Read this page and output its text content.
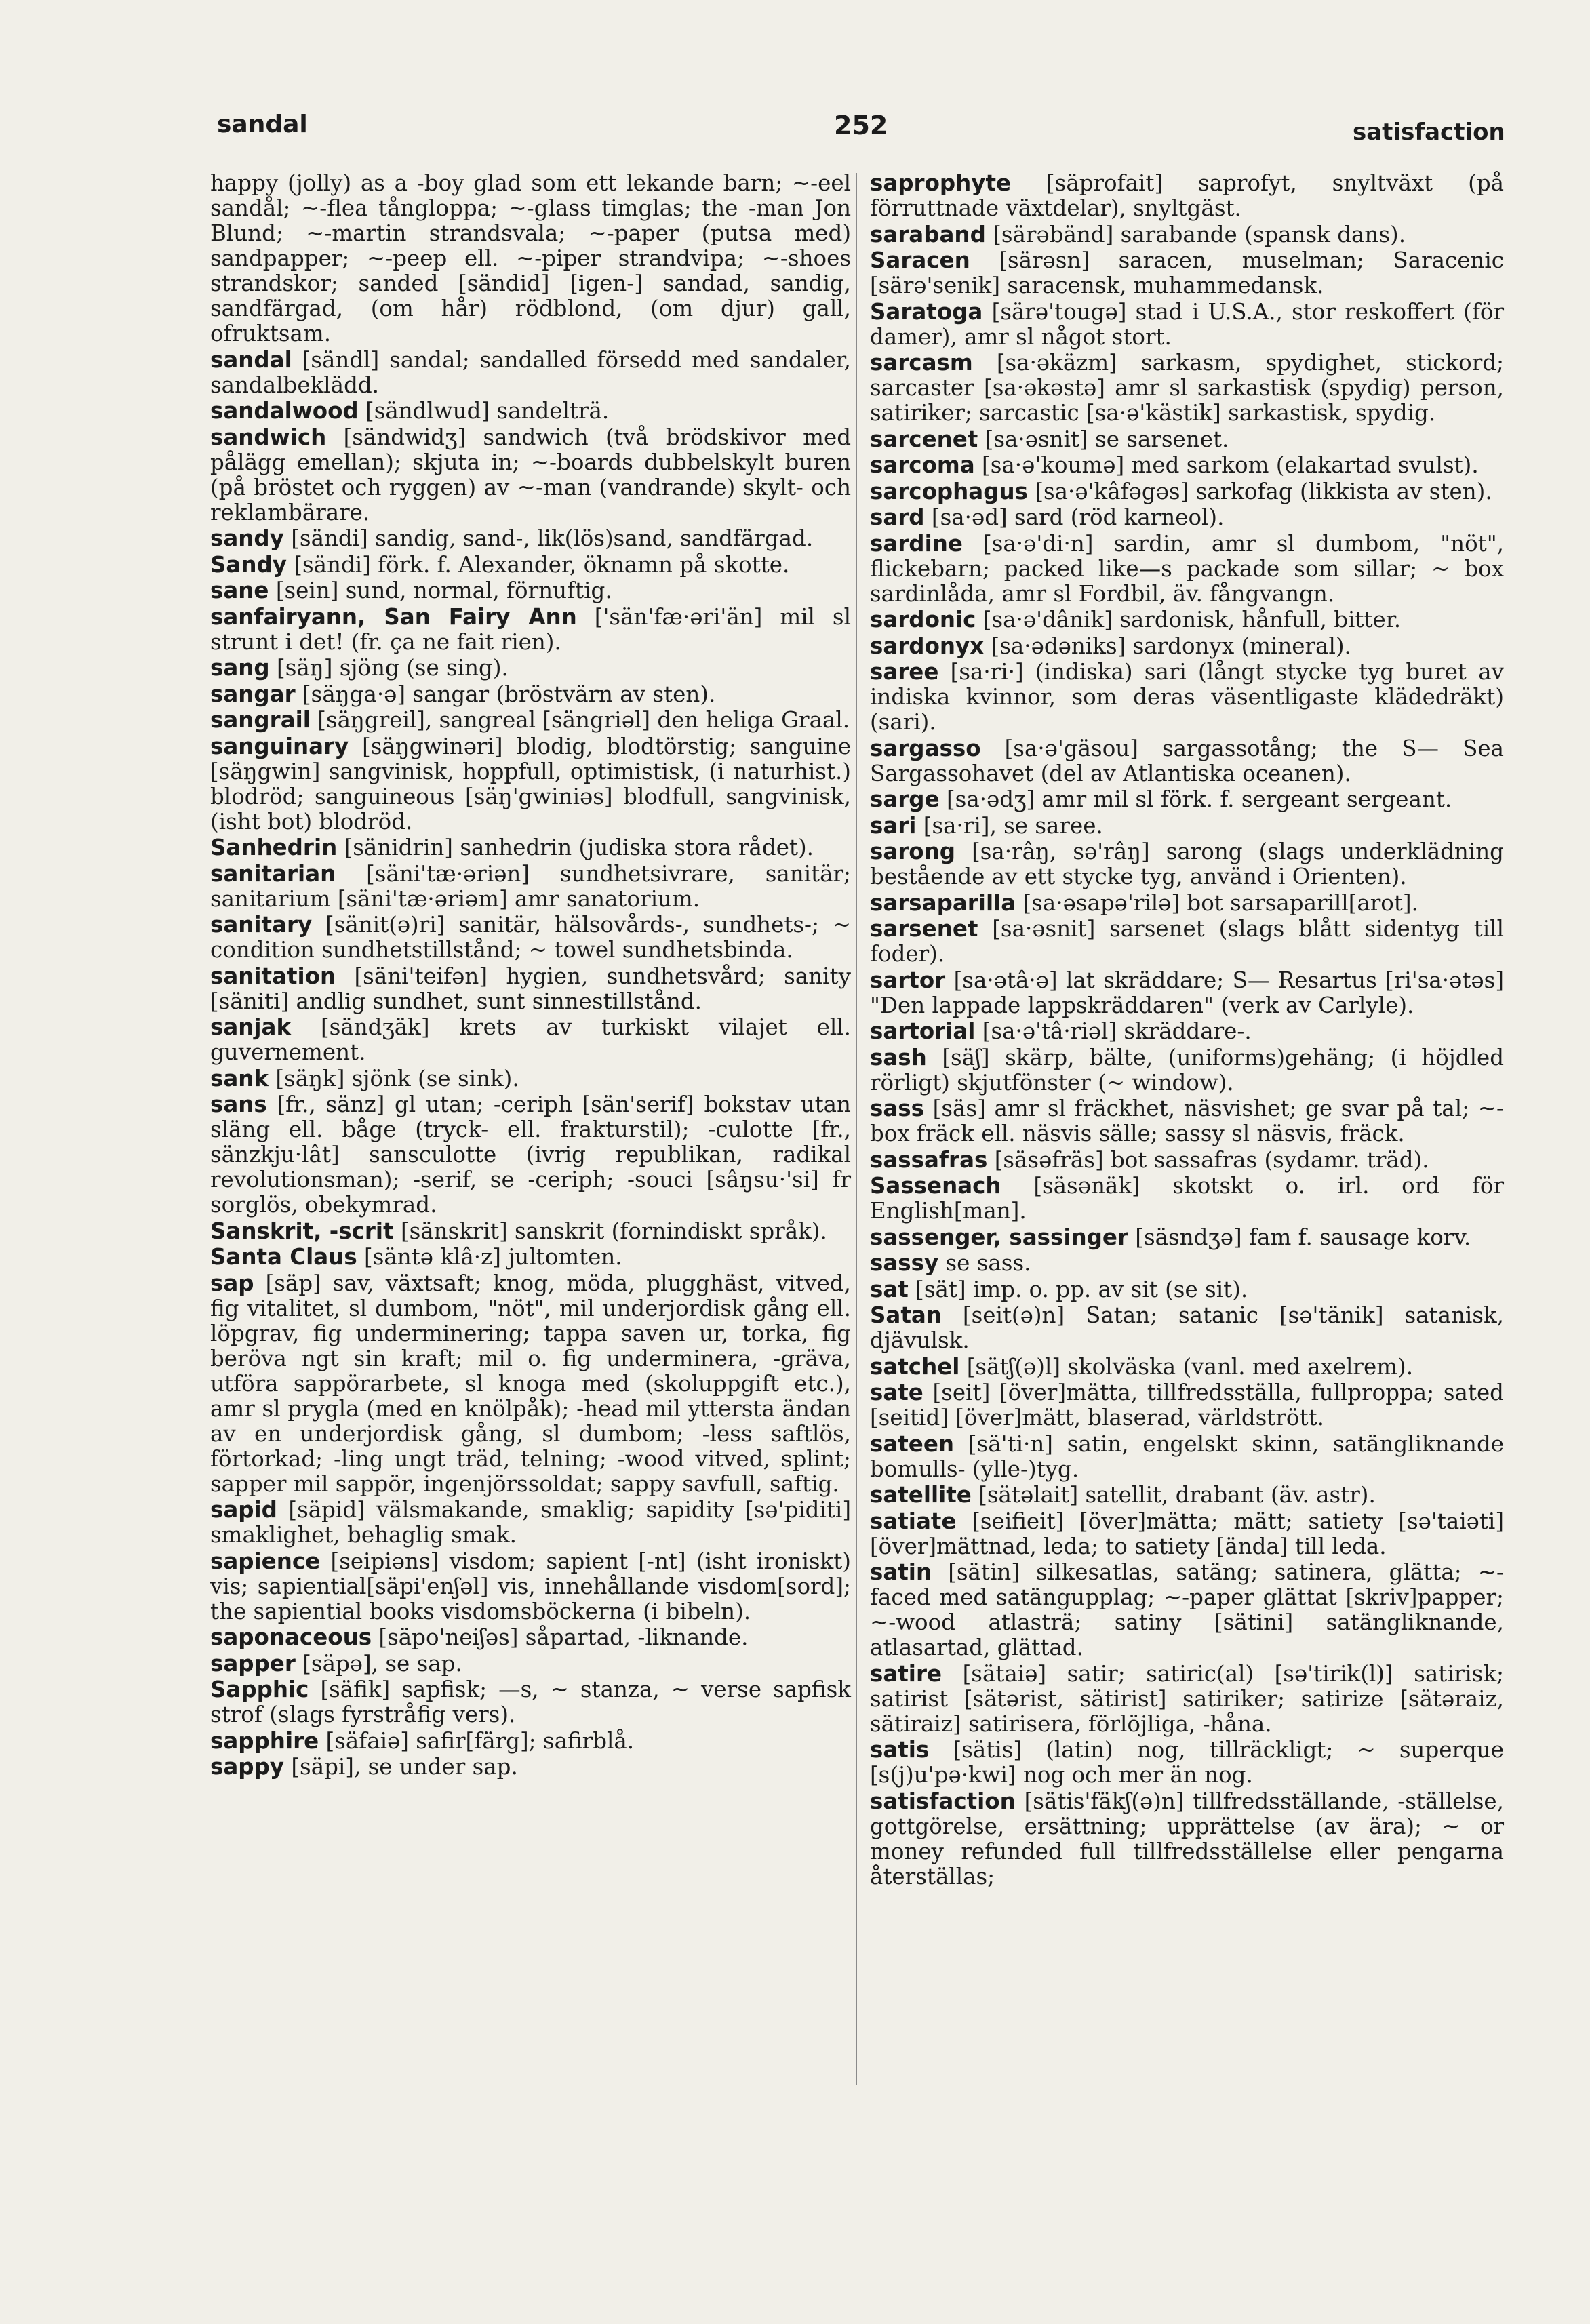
sandal	252	satisfaction
happy (jolly) as a -boy glad som ett lekande barn; ~-eel sandål; ~-flea tångloppa; ~-glass timglas; the -man Jon Blund; ~-martin strandsvala; ~-paper (putsa med) sandpapper; ~-peep ell. ~-piper strandvipa; ~-shoes strandskor; sanded [sändid] [igen-] sandad, sandig, sandfärgad, (om hår) rödblond, (om djur) gall, ofruktsam.
sandal [sändl] sandal; sandalled försedd med sandaler, sandalbeklädd.
sandalwood [sändlwud] sandelträ.
sandwich [sändwidʒ] sandwich (två brödskivor med pålägg emellan); skjuta in; ~-boards dubbelskylt buren (på bröstet och ryggen) av ~-man (vandrande) skylt- och reklambärare.
sandy [sändi] sandig, sand-, lik(lös)sand, sandfärgad.
Sandy [sändi] förk. f. Alexander, öknamn på skotte.
sane [sein] sund, normal, förnuftig.
sanfairyann, San Fairy Ann ['sän'fæ·əri'än] mil sl strunt i det! (fr. ça ne fait rien).
sang [säŋ] sjöng (se sing).
sangar [säŋga·ə] sangar (bröstvärn av sten).
sangrail [säŋgreil], sangreal [sängriəl] den heliga Graal.
sanguinary [säŋgwinəri] blodig, blodtörstig; sanguine [säŋgwin] sangvinisk, hoppfull, optimistisk, (i naturhist.) blodröd; sanguineous [säŋ'gwiniəs] blodfull, sangvinisk, (isht bot) blodröd.
Sanhedrin [sänidrin] sanhedrin (judiska stora rådet).
sanitarian [säni'tæ·əriən] sundhetsivrare, sanitär; sanitarium [säni'tæ·əriəm] amr sanatorium.
sanitary [sänit(ə)ri] sanitär, hälsovårds-, sundhets-; ~ condition sundhetstillstånd; ~ towel sundhetsbinda.
sanitation [säni'teifən] hygien, sundhetsvård; sanity [säniti] andlig sundhet, sunt sinnestillstånd.
sanjak [sändʒäk] krets av turkiskt vilajet ell. guvernement.
sank [säŋk] sjönk (se sink).
sans [fr., sänz] gl utan; -ceriph [sän'serif] bokstav utan släng ell. båge (tryck- ell. frakturstil); -culotte [fr., sänzkju·lât] sansculotte (ivrig republikan, radikal revolutionsman); -serif, se -ceriph; -souci [sâŋsu·'si] fr sorglös, obekymrad.
Sanskrit, -scrit [sänskrit] sanskrit (fornindiskt språk).
Santa Claus [säntə klâ·z] jultomten.
sap [säp] sav, växtsaft; knog, möda, plugghäst, vitved, fig vitalitet, sl dumbom, "nöt", mil underjordisk gång ell. löpgrav, fig underminering; tappa saven ur, torka, fig beröva ngt sin kraft; mil o. fig underminera, -gräva, utföra sappörarbete, sl knoga med (skoluppgift etc.), amr sl prygla (med en knölpåk); -head mil yttersta ändan av en underjordisk gång, sl dumbom; -less saftlös, förtorkad; -ling ungt träd, telning; -wood vitved, splint; sapper mil sappör, ingenjörssoldat; sappy savfull, saftig.
sapid [säpid] välsmakande, smaklig; sapidity [sə'piditi] smaklighet, behaglig smak.
sapience [seipiəns] visdom; sapient [-nt] (isht ironiskt) vis; sapiential[säpi'enʃəl] vis, innehållande visdom[sord]; the sapiential books visdomsböckerna (i bibeln).
saponaceous [säpo'neiʃəs] såpartad, -liknande.
sapper [säpə], se sap.
Sapphic [säfik] sapfisk; —s, ~ stanza, ~ verse sapfisk strof (slags fyrstråfig vers).
sapphire [säfaiə] safir[färg]; safirblå.
sappy [säpi], se under sap.
saprophyte [säprofait] saprofyt, snyltväxt (på förruttnade växtdelar), snyltgäst.
saraband [särəbänd] sarabande (spansk dans).
Saracen [särəsn] saracen, muselman; Saracenic [särə'senik] saracensk, muhammedansk.
Saratoga [särə'tougə] stad i U.S.A., stor reskoffert (för damer), amr sl något stort.
sarcasm [sa·əkäzm] sarkasm, spydighet, stickord; sarcaster [sa·əkəstə] amr sl sarkastisk (spydig) person, satiriker; sarcastic [sa·ə'kästik] sarkastisk, spydig.
sarcenet [sa·əsnit] se sarsenet.
sarcoma [sa·ə'koumə] med sarkom (elakartad svulst).
sarcophagus [sa·ə'kâfəgəs] sarkofag (likkista av sten).
sard [sa·əd] sard (röd karneol).
sardine [sa·ə'di·n] sardin, amr sl dumbom, "nöt", flickebarn; packed like—s packade som sillar; ~ box sardinlåda, amr sl Fordbil, äv. fångvangn.
sardonic [sa·ə'dânik] sardonisk, hånfull, bitter.
sardonyx [sa·ədəniks] sardonyx (mineral).
saree [sa·ri·] (indiska) sari (långt stycke tyg buret av indiska kvinnor, som deras väsentligaste klädedräkt) (sari).
sargasso [sa·ə'gäsou] sargassotång; the S— Sea Sargassohavet (del av Atlantiska oceanen).
sarge [sa·ədʒ] amr mil sl förk. f. sergeant sergeant.
sari [sa·ri], se saree.
sarong [sa·râŋ, sə'râŋ] sarong (slags underklädning bestående av ett stycke tyg, använd i Orienten).
sarsaparilla [sa·əsapə'rilə] bot sarsaparill[arot].
sarsenet [sa·əsnit] sarsenet (slags blått sidentyg till foder).
sartor [sa·ətâ·ə] lat skräddare; S— Resartus [ri'sa·ətəs] "Den lappade lappskräddaren" (verk av Carlyle).
sartorial [sa·ə'tâ·riəl] skräddare-.
sash [säʃ] skärp, bälte, (uniforms)gehäng; (i höjdled rörligt) skjutfönster (~ window).
sass [säs] amr sl fräckhet, näsvishet; ge svar på tal; ~-box fräck ell. näsvis sälle; sassy sl näsvis, fräck.
sassafras [säsəfräs] bot sassafras (sydamr. träd).
Sassenach [säsənäk] skotskt o. irl. ord för English[man].
sassenger, sassinger [säsndʒə] fam f. sausage korv.
sassy se sass.
sat [sät] imp. o. pp. av sit (se sit).
Satan [seit(ə)n] Satan; satanic [sə'tänik] satanisk, djävulsk.
satchel [sätʃ(ə)l] skolväska (vanl. med axelrem).
sate [seit] [över]mätta, tillfredsställa, fullproppa; sated [seitid] [över]mätt, blaserad, världstrött.
sateen [sä'ti·n] satin, engelskt skinn, satängliknande bomulls- (ylle-)tyg.
satellite [sätəlait] satellit, drabant (äv. astr).
satiate [seifieit] [över]mätta; mätt; satiety [sə'taiəti] [över]mättnad, leda; to satiety [ända] till leda.
satin [sätin] silkesatlas, satäng; satinera, glätta; ~-faced med satängupplag; ~-paper glättat [skriv]papper; ~-wood atlasträ; satiny [sätini] satängliknande, atlasartad, glättad.
satire [sätaiə] satir; satiric(al) [sə'tirik(l)] satirisk; satirist [sätərist, sätirist] satiriker; satirize [sätəraiz, sätiraiz] satirisera, förlöjliga, -håna.
satis [sätis] (latin) nog, tillräckligt; ~ superque [s(j)u'pə·kwi] nog och mer än nog.
satisfaction [sätis'fäkʃ(ə)n] tillfredsställande, -ställelse, gottgörelse, ersättning; upprättelse (av ära); ~ or money refunded full tillfredsställelse eller pengarna återställas;
